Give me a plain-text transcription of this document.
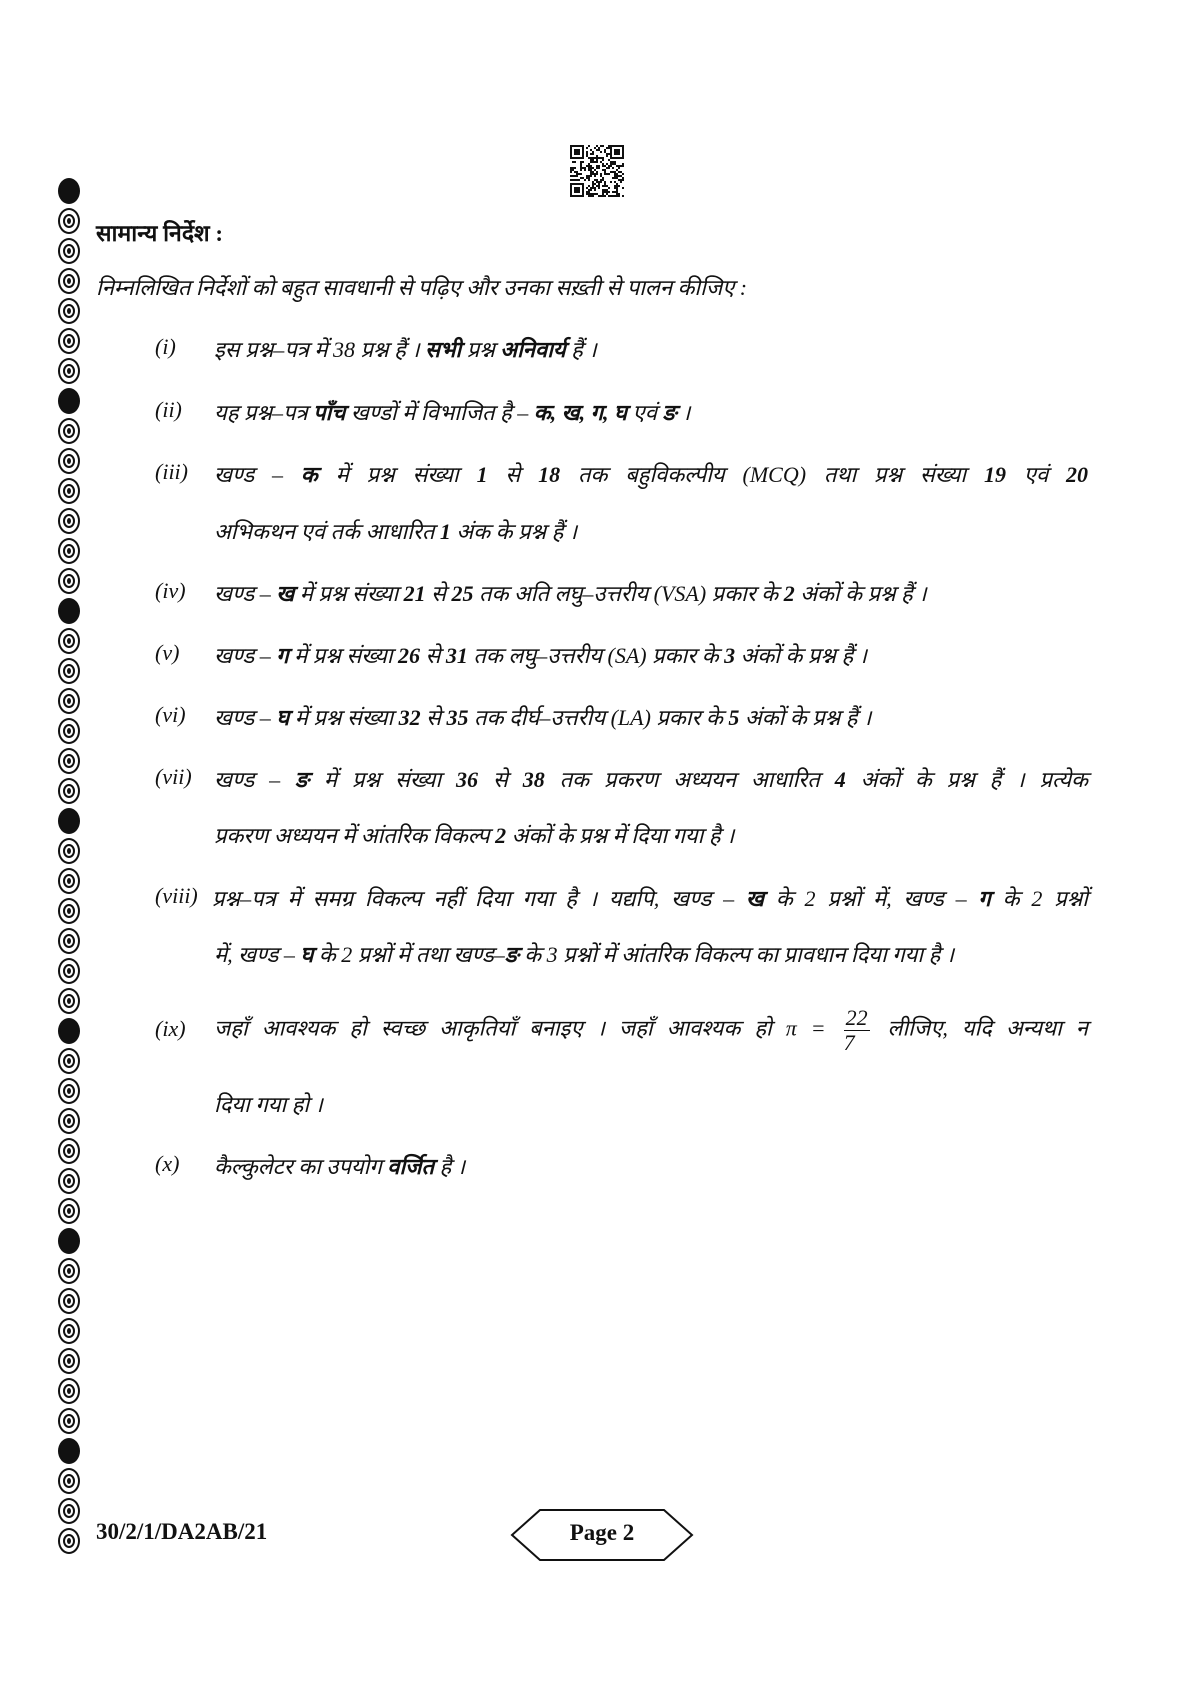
सामान्य निर्देश :
निम्नलिखित निर्देशों को बहुत सावधानी से पढ़िए और उनका सख़्ती से पालन कीजिए :
(i) इस प्रश्न–पत्र में 38 प्रश्न हैं । सभी प्रश्न अनिवार्य हैं ।
(ii) यह प्रश्न–पत्र पाँच खण्डों में विभाजित है – क, ख, ग, घ एवं ङ ।
(iii) खण्ड – क में प्रश्न संख्या 1 से 18 तक बहुविकल्पीय (MCQ) तथा प्रश्न संख्या 19 एवं 20
अभिकथन एवं तर्क आधारित 1 अंक के प्रश्न हैं ।
(iv) खण्ड – ख में प्रश्न संख्या 21 से 25 तक अति लघु–उत्तरीय (VSA) प्रकार के 2 अंकों के प्रश्न हैं ।
(v) खण्ड – ग में प्रश्न संख्या 26 से 31 तक लघु–उत्तरीय (SA) प्रकार के 3 अंकों के प्रश्न हैं ।
(vi) खण्ड – घ में प्रश्न संख्या 32 से 35 तक दीर्घ–उत्तरीय (LA) प्रकार के 5 अंकों के प्रश्न हैं ।
(vii) खण्ड – ङ में प्रश्न संख्या 36 से 38 तक प्रकरण अध्ययन आधारित 4 अंकों के प्रश्न हैं । प्रत्येक
प्रकरण अध्ययन में आंतरिक विकल्प 2 अंकों के प्रश्न में दिया गया है ।
(viii) प्रश्न–पत्र में समग्र विकल्प नहीं दिया गया है । यद्यपि, खण्ड – ख के 2 प्रश्नों में, खण्ड – ग के 2 प्रश्नों
में, खण्ड – घ के 2 प्रश्नों में तथा खण्ड–ङ के 3 प्रश्नों में आंतरिक विकल्प का प्रावधान दिया गया है ।
(ix) जहाँ आवश्यक हो स्वच्छ आकृतियाँ बनाइए । जहाँ आवश्यक हो $\pi = \frac{22}{7}$ लीजिए, यदि अन्यथा न
दिया गया हो ।
(x) कैल्कुलेटर का उपयोग वर्जित है ।
30/2/1/DA2AB/21	Page 2
